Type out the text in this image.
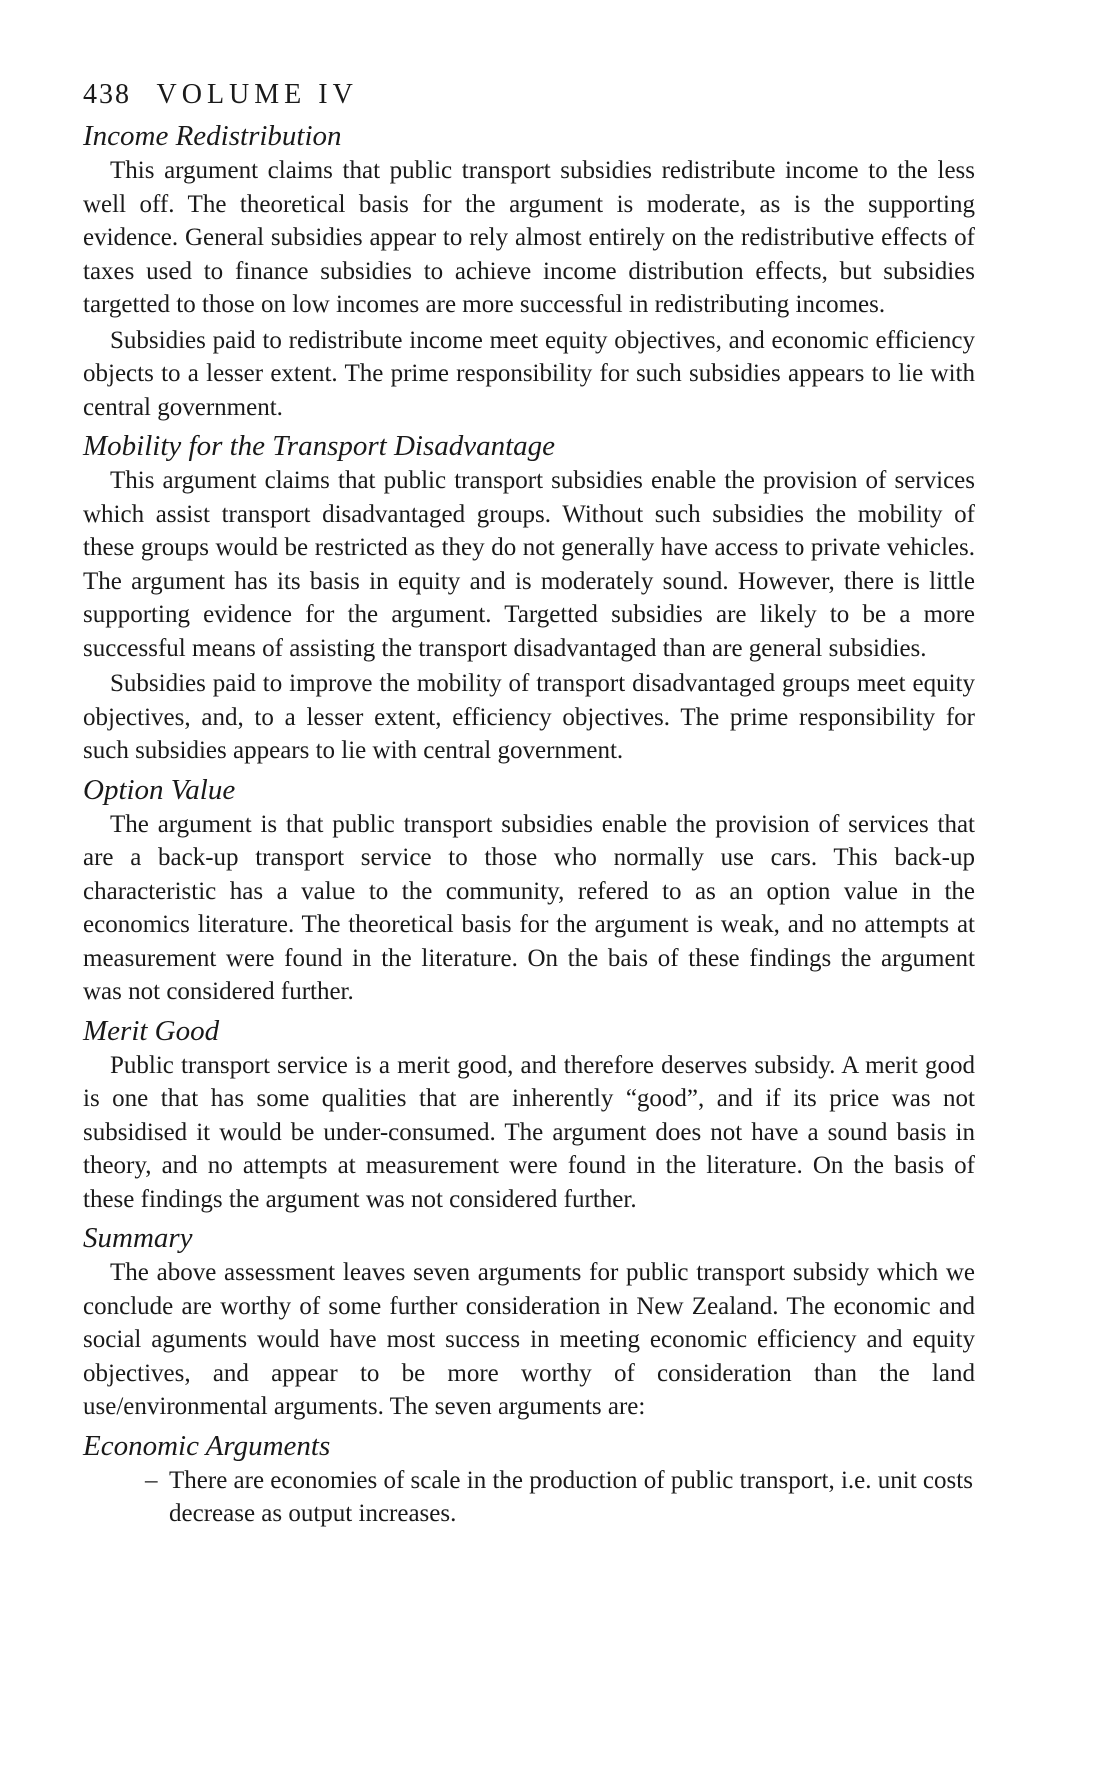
438 VOLUME IV
Income Redistribution

This argument claims that public transport subsidies redistribute income to the less well off. The theoretical basis for the argument is moderate, as is the supporting evidence. General subsidies appear to rely almost entirely on the redistributive effects of taxes used to finance subsidies to achieve income distribution effects, but subsidies targetted to those on low incomes are more successful in redistributing incomes.

Subsidies paid to redistribute income meet equity objectives, and economic efficiency objects to a lesser extent. The prime responsibility for such subsidies appears to lie with central government.

Mobility for the Transport Disadvantage

This argument claims that public transport subsidies enable the provision of services which assist transport disadvantaged groups. Without such subsidies the mobility of these groups would be restricted as they do not generally have access to private vehicles. The argument has its basis in equity and is moderately sound. However, there is little supporting evidence for the argument. Targetted subsidies are likely to be a more successful means of assisting the transport disadvantaged than are general subsidies.

Subsidies paid to improve the mobility of transport disadvantaged groups meet equity objectives, and, to a lesser extent, efficiency objectives. The prime responsibility for such subsidies appears to lie with central government.

Option Value

The argument is that public transport subsidies enable the provision of services that are a back-up transport service to those who normally use cars. This back-up characteristic has a value to the community, refered to as an option value in the economics literature. The theoretical basis for the argument is weak, and no attempts at measurement were found in the literature. On the bais of these findings the argument was not considered further.

Merit Good

Public transport service is a merit good, and therefore deserves subsidy. A merit good is one that has some qualities that are inherently “good”, and if its price was not subsidised it would be under-consumed. The argument does not have a sound basis in theory, and no attempts at measurement were found in the literature. On the basis of these findings the argument was not considered further.

Summary

The above assessment leaves seven arguments for public transport subsidy which we conclude are worthy of some further consideration in New Zealand. The economic and social aguments would have most success in meeting economic efficiency and equity objectives, and appear to be more worthy of consideration than the land use/environmental arguments. The seven arguments are:

Economic Arguments
– There are economies of scale in the production of public transport, i.e. unit costs decrease as output increases.
